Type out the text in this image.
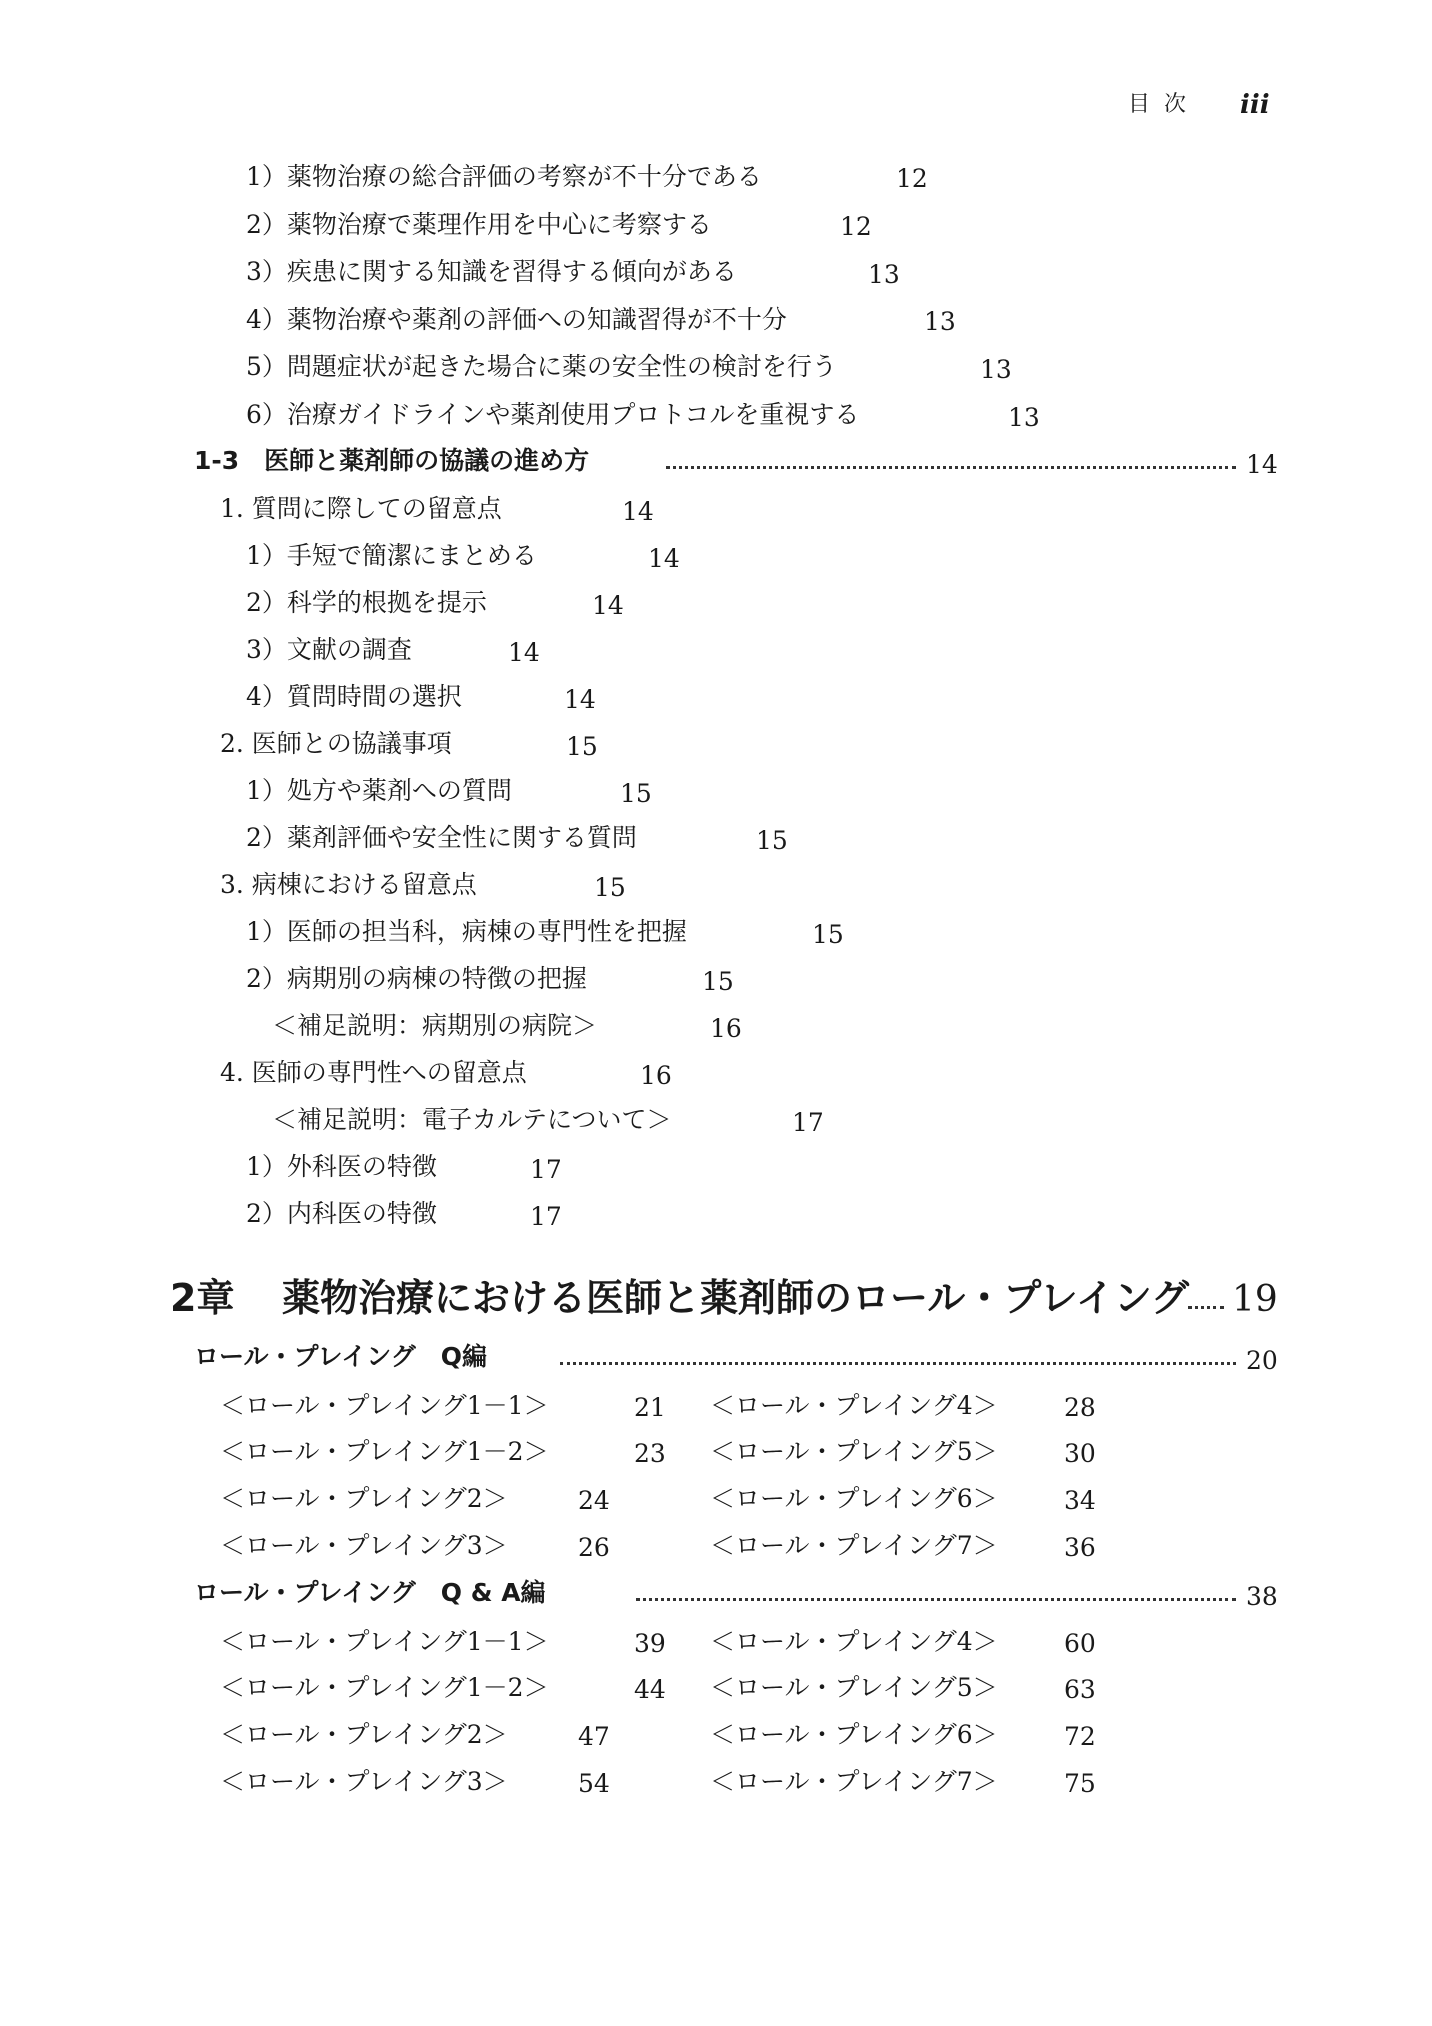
目次 iii
1）薬物治療の総合評価の考察が不十分である	12
2）薬物治療で薬理作用を中心に考察する	12
3）疾患に関する知識を習得する傾向がある	13
4）薬物治療や薬剤の評価への知識習得が不十分	13
5）問題症状が起きた場合に薬の安全性の検討を行う	13
6）治療ガイドラインや薬剤使用プロトコルを重視する	13
1-3　医師と薬剤師の協議の進め方	14
1. 質問に際しての留意点	14
1）手短で簡潔にまとめる	14
2）科学的根拠を提示	14
3）文献の調査	14
4）質問時間の選択	14
2. 医師との協議事項	15
1）処方や薬剤への質問	15
2）薬剤評価や安全性に関する質問	15
3. 病棟における留意点	15
1）医師の担当科，病棟の専門性を把握	15
2）病期別の病棟の特徴の把握	15
＜補足説明：病期別の病院＞	16
4. 医師の専門性への留意点	16
＜補足説明：電子カルテについて＞	17
1）外科医の特徴	17
2）内科医の特徴	17
2章 薬物治療における医師と薬剤師のロール・プレイング 19
ロール・プレイング　Q編	20
＜ロール・プレイング1－1＞	21 ＜ロール・プレイング4＞	28
＜ロール・プレイング1－2＞	23 ＜ロール・プレイング5＞	30
＜ロール・プレイング2＞	24	＜ロール・プレイング6＞	34
＜ロール・プレイング3＞	26	＜ロール・プレイング7＞	36
ロール・プレイング　Q & A編	38
＜ロール・プレイング1－1＞	39 ＜ロール・プレイング4＞	60
＜ロール・プレイング1－2＞	44 ＜ロール・プレイング5＞	63
＜ロール・プレイング2＞	47	＜ロール・プレイング6＞	72
＜ロール・プレイング3＞	54	＜ロール・プレイング7＞	75
